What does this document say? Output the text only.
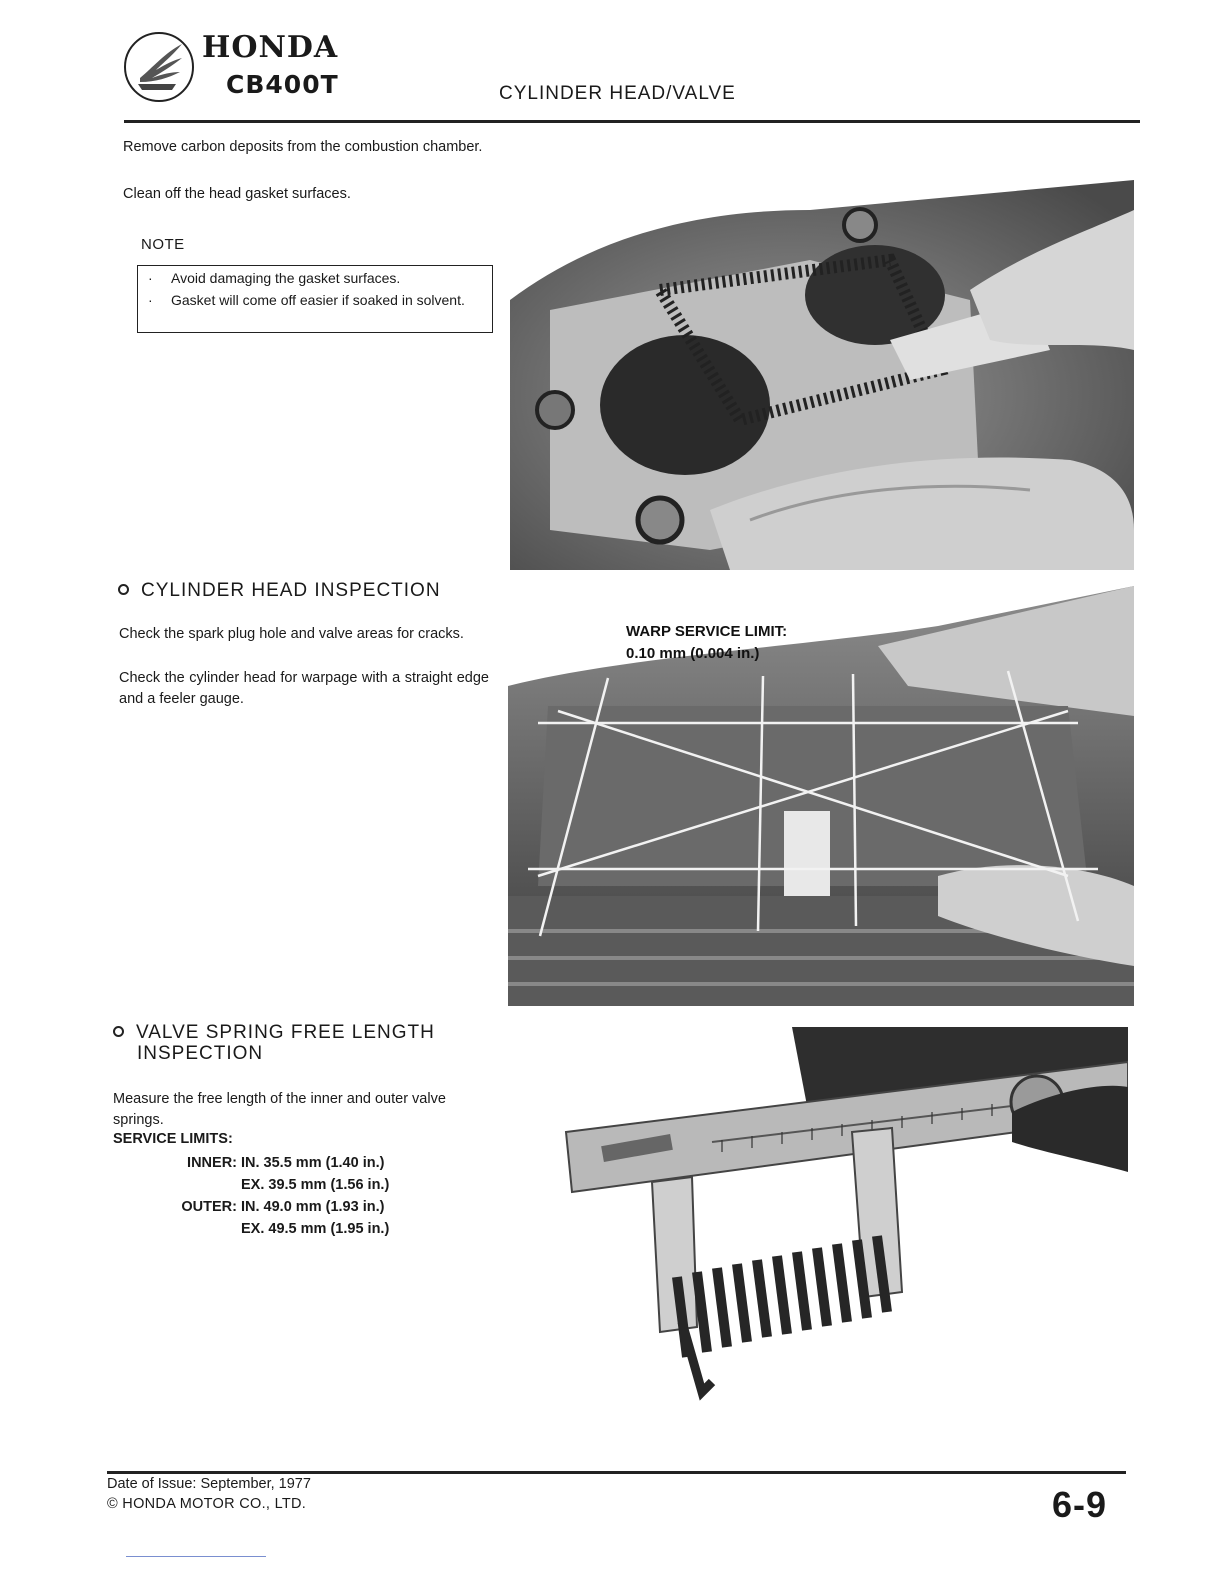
HONDA
CB400T	CYLINDER HEAD/VALVE
Remove carbon deposits from the combustion chamber.
Clean off the head gasket surfaces.
NOTE
· Avoid damaging the gasket surfaces.
·	Gasket will come off easier if soaked in solvent.
CYLINDER HEAD INSPECTION
Check the spark plug hole and valve areas for cracks.
Check the cylinder head for warpage with a straight edge and a feeler gauge.
WARP SERVICE LIMIT:
0.10 mm (0.004 in.)
VALVE SPRING FREE LENGTH
INSPECTION
Measure the free length of the inner and outer valve springs.
SERVICE LIMITS:
INNER: IN. 35.5 mm (1.40 in.)
EX. 39.5 mm (1.56 in.)
OUTER: IN. 49.0 mm (1.93 in.)
EX. 49.5 mm (1.95 in.)
Date of Issue: September, 1977
© HONDA MOTOR CO., LTD.	6-9
